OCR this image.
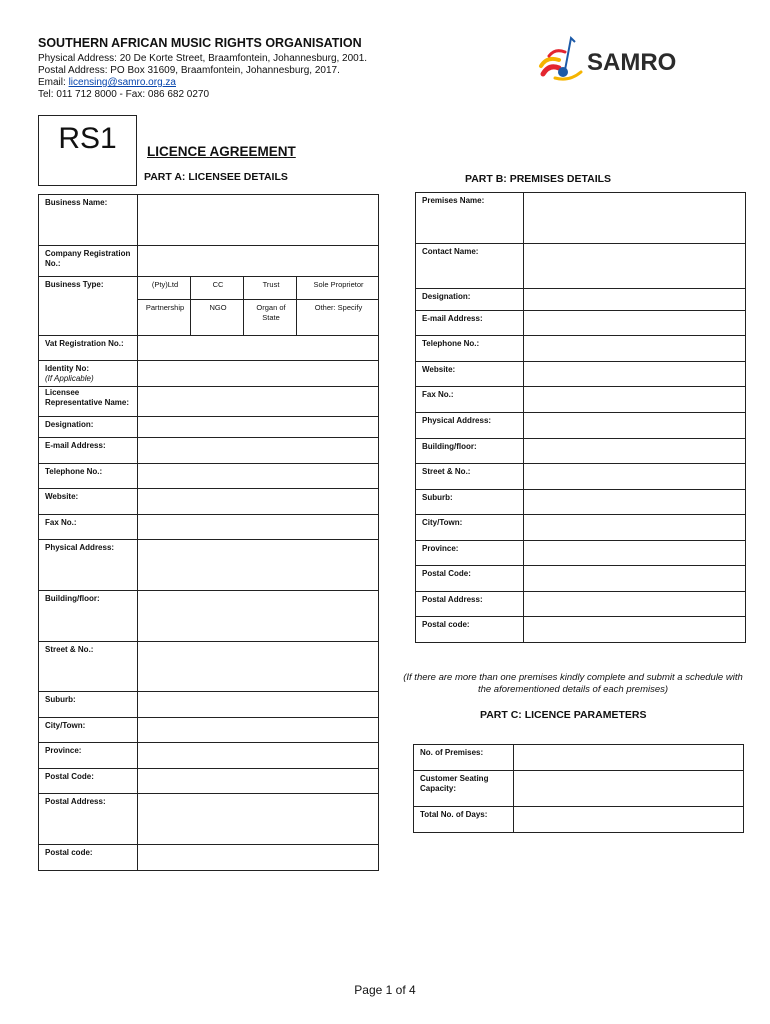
SOUTHERN AFRICAN MUSIC RIGHTS ORGANISATION
Physical Address: 20 De Korte Street, Braamfontein, Johannesburg, 2001.
Postal Address: PO Box 31609, Braamfontein, Johannesburg, 2017.
Email: licensing@samro.org.za
Tel: 011 712 8000 - Fax: 086 682 0270
SAMRO
RS1	LICENCE AGREEMENT
PART A: LICENSEE DETAILS	PART B: PREMISES DETAILS
Business Name:				
Company Registration No.:				
Business Type:	(Pty)Ltd	CC	Trust	Sole Proprietor
	Partnership	NGO	Organ of State	Other: Specify
Vat Registration No.:				
Identity No:
(If Applicable)				
Licensee Representative Name:				
Designation:				
E-mail Address:				
Telephone No.:				
Website:				
Fax No.:				
Physical Address:				
Building/floor:				
Street & No.:				
Suburb:				
City/Town:				
Province:				
Postal Code:				
Postal Address:				
Postal code:				
Premises Name:	
Contact Name:	
Designation:	
E-mail Address:	
Telephone No.:	
Website:	
Fax No.:	
Physical Address:	
Building/floor:	
Street & No.:	
Suburb:	
City/Town:	
Province:	
Postal Code:	
Postal Address:	
Postal code:	
(If there are more than one premises kindly complete and submit a schedule with the aforementioned details of each premises)
PART C: LICENCE PARAMETERS
No. of Premises:	
Customer Seating Capacity:	
Total No. of Days:	
Page 1 of 4
